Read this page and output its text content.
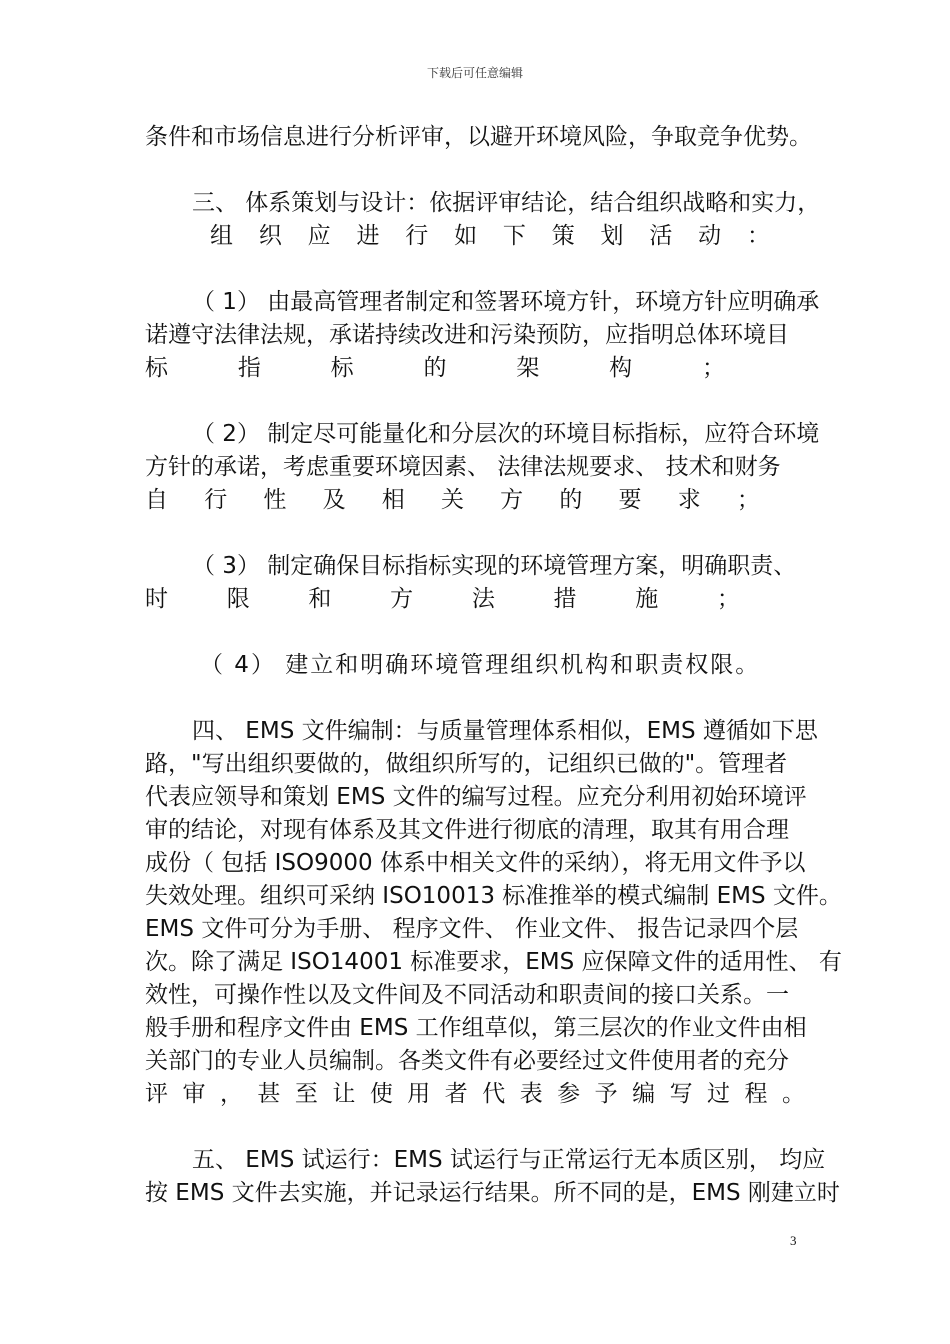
下载后可任意编辑
条件和市场信息进行分析评审，以避开环境风险，争取竞争优势。
三、 体系策划与设计：依据评审结论，结合组织战略和实力，
组 织 应 进 行 如 下 策 划 活 动 ：
（ 1） 由最高管理者制定和签署环境方针，环境方针应明确承
诺遵守法律法规，承诺持续改进和污染预防，应指明总体环境目
标	指	标	的	架	构	；
（ 2） 制定尽可能量化和分层次的环境目标指标，应符合环境
方针的承诺，考虑重要环境因素、 法律法规要求、 技术和财务
自 行 性 及 相 关 方 的 要 求 ；
（ 3） 制定确保目标指标实现的环境管理方案，明确职责、
时	限	和	方	法	措	施	；
（ 4） 建立和明确环境管理组织机构和职责权限。
四、 EMS 文件编制：与质量管理体系相似，EMS 遵循如下思
路，"写出组织要做的，做组织所写的，记组织已做的"。管理者
代表应领导和策划 EMS 文件的编写过程。应充分利用初始环境评
审的结论，对现有体系及其文件进行彻底的清理，取其有用合理
成份（ 包括 ISO9000 体系中相关文件的采纳），将无用文件予以
失效处理。组织可采纳 ISO10013 标准推举的模式编制 EMS 文件。
EMS 文件可分为手册、 程序文件、 作业文件、 报告记录四个层
次。除了满足 ISO14001 标准要求，EMS 应保障文件的适用性、 有
效性，可操作性以及文件间及不同活动和职责间的接口关系。一
般手册和程序文件由 EMS 工作组草似，第三层次的作业文件由相
关部门的专业人员编制。各类文件有必要经过文件使用者的充分
评 审 ， 甚 至 让 使 用 者 代 表 参 予 编 写 过 程 。
五、 EMS 试运行：EMS 试运行与正常运行无本质区别， 均应
按 EMS 文件去实施，并记录运行结果。所不同的是，EMS 刚建立时
3
